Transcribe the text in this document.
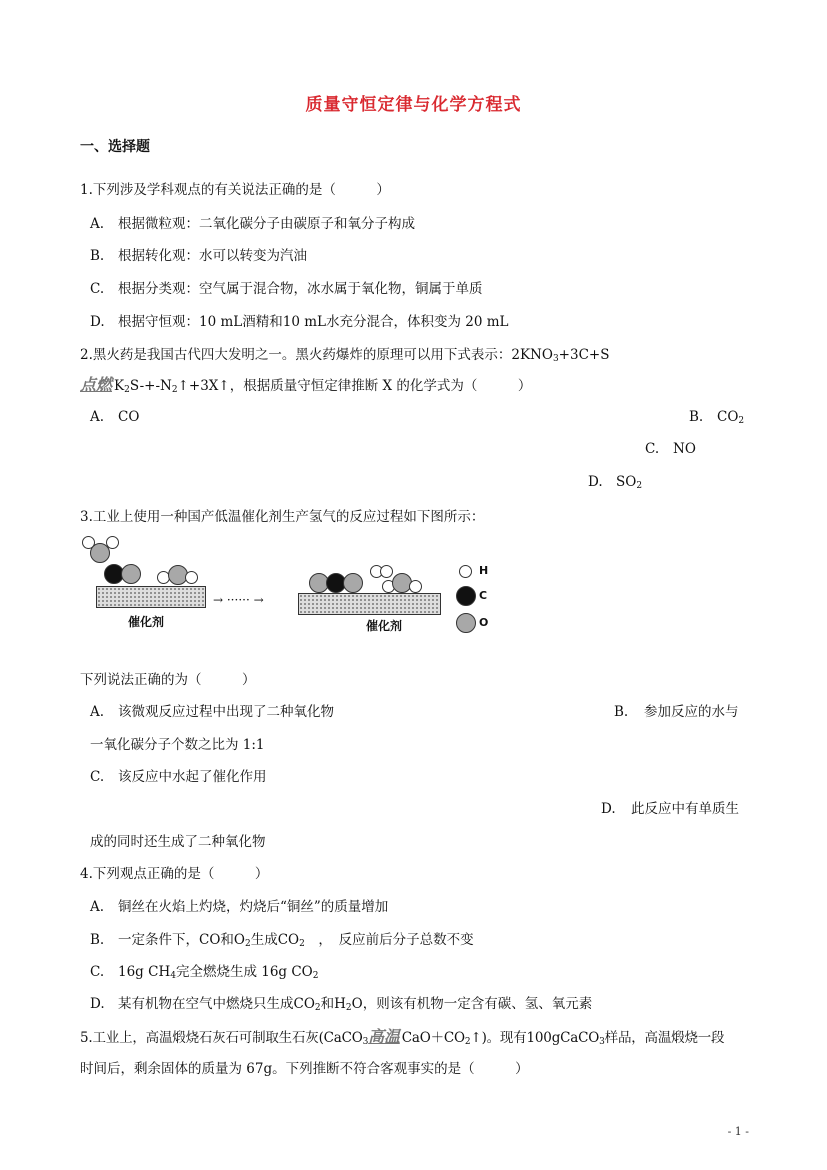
质量守恒定律与化学方程式
一、选择题
1.下列涉及学科观点的有关说法正确的是（　　　）
A. 根据微粒观：二氧化碳分子由碳原子和氧分子构成
B. 根据转化观：水可以转变为汽油
C. 根据分类观：空气属于混合物，冰水属于氧化物，铜属于单质
D. 根据守恒观：10 mL酒精和10 mL水充分混合，体积变为 20 mL
2.黑火药是我国古代四大发明之一。黑火药爆炸的原理可以用下式表示：$2KNO_3+3C+S$
点燃 $K_2S-+-N_2↑+3X↑$，根据质量守恒定律推断 X 的化学式为（　　　）
A. CO	B. $CO_2$
C. NO
D. $SO_2$
3.工业上使用一种国产低温催化剂生产氢气的反应过程如下图所示：
催化剂
→ ······ →
催化剂
H
C
O
下列说法正确的为（　　　）
A. 该微观反应过程中出现了二种氧化物	B. 参加反应的水与
一氧化碳分子个数之比为 1:1
C. 该反应中水起了催化作用
D. 此反应中有单质生
成的同时还生成了二种氧化物
4.下列观点正确的是（　　　）
A. 铜丝在火焰上灼烧，灼烧后“铜丝”的质量增加
B. 一定条件下，CO和$O_2$生成$CO_2$　，　反应前后分子总数不变
C. 16g $CH_4$完全燃烧生成 16g $CO_2$
D. 某有机物在空气中燃烧只生成$CO_2$和$H_2O$，则该有机物一定含有碳、氢、氧元素
5.工业上，高温煅烧石灰石可制取生石灰(CaCO$_3$高温 $CaO+CO_2↑$)。现有100gCaCO$_3$样品，高温煅烧一段
时间后，剩余固体的质量为 67g。下列推断不符合客观事实的是（　　　）
- 1 -
